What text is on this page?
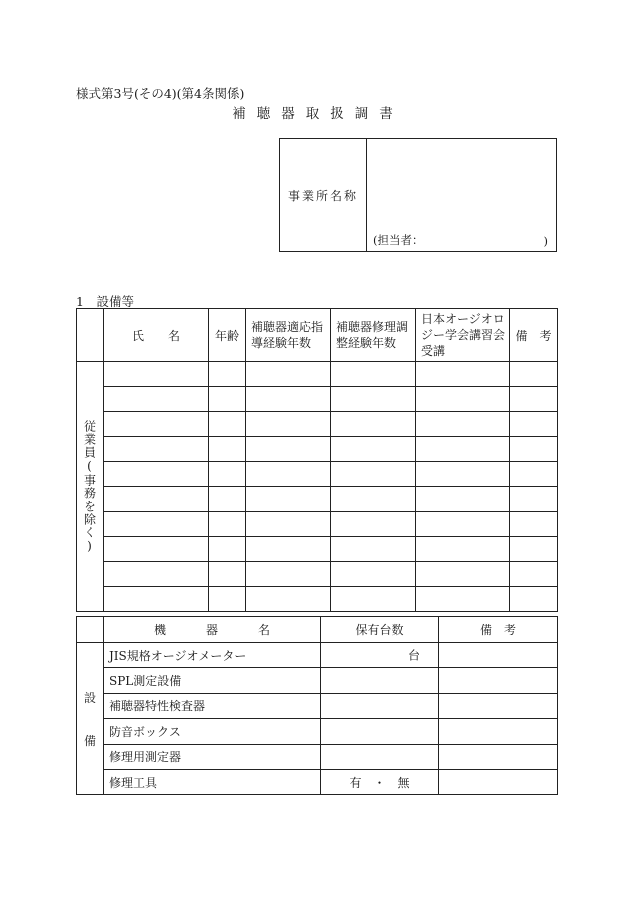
様式第3号(その4)(第4条関係)
補聴器取扱調書
事業所名称	
(担当者：	)
1　設備等
	氏　　名	年齢	補聴器適応指導経験年数	補聴器修理調整経験年数	日本オージオロジー学会講習会受講	備　考

従業員(事務を除く)						

	機　器　名	保有台数	備　考

設
備	JIS規格オージオメーター	台	

	SPL測定設備		
	補聴器特性検査器		
	防音ボックス		
	修理用測定器		
	修理工具	有　・　無	
